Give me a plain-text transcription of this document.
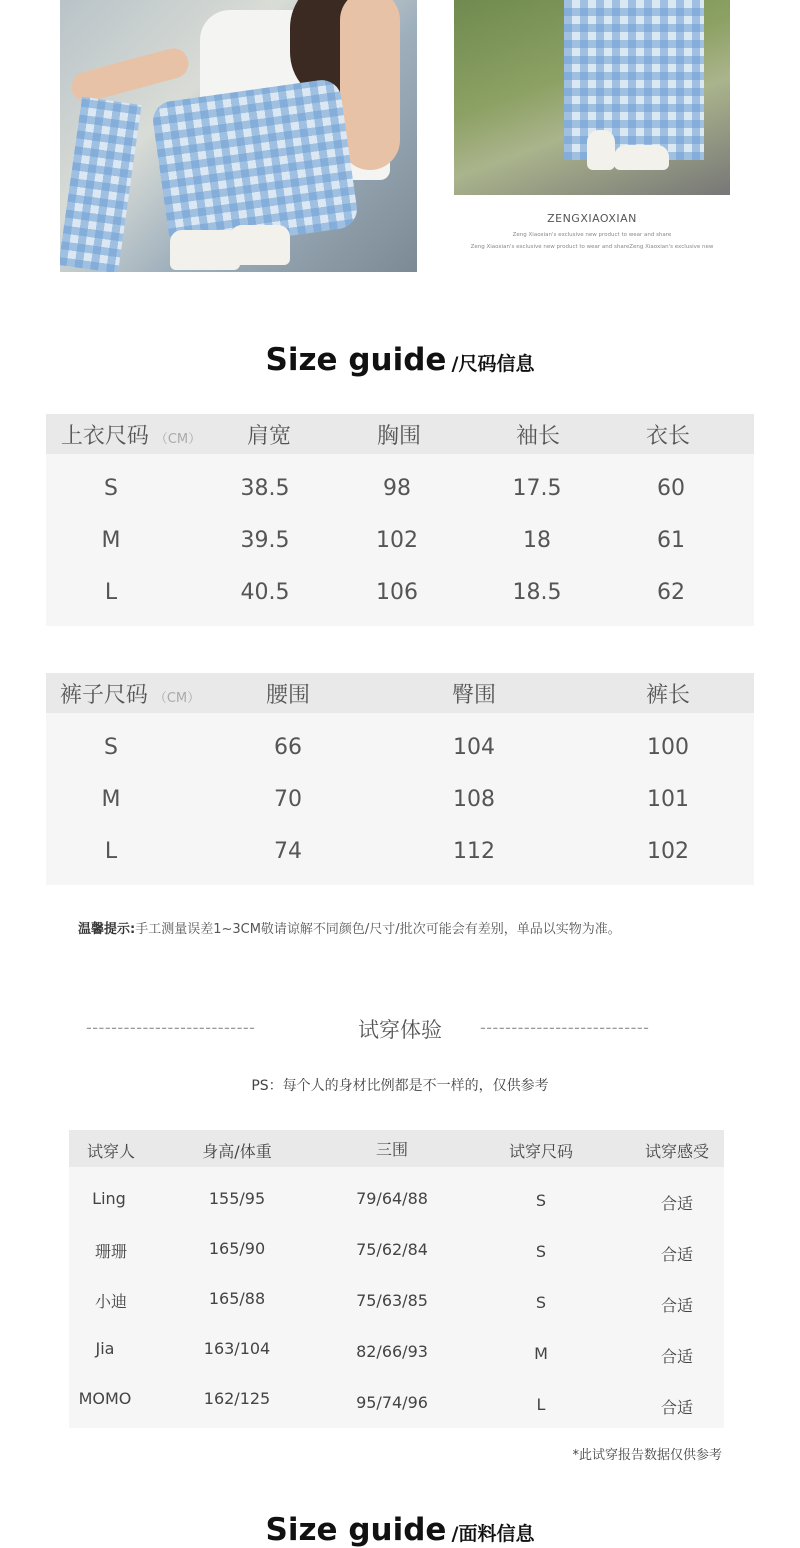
ZENGXIAOXIAN
Zeng Xiaoxian's exclusive new product to wear and share
Zeng Xiaoxian's exclusive new product to wear and shareZeng Xiaoxian's exclusive new
Size guide /尺码信息
上衣尺码 （CM） 肩宽	胸围	袖长	衣长
S	38.5	98	17.5	60
M	39.5	102	18	61
L	40.5	106	18.5	62
裤子尺码 （CM）	腰围	臀围	裤长
S	66	104	100
M	70	108	101
L	74	112	102
温馨提示:手工测量误差1~3CM敬请谅解不同颜色/尺寸/批次可能会有差别，单品以实物为准。
---------------------------	试穿体验	---------------------------
PS：每个人的身材比例都是不一样的，仅供参考
试穿人	身高/体重	三围	试穿尺码	试穿感受
Ling	155/95	79/64/88	S	合适
珊珊	165/90	75/62/84	S	合适
小迪	165/88	75/63/85	S	合适
Jia	163/104	82/66/93	M	合适
MOMO	162/125	95/74/96	L	合适
*此试穿报告数据仅供参考
Size guide /面料信息
